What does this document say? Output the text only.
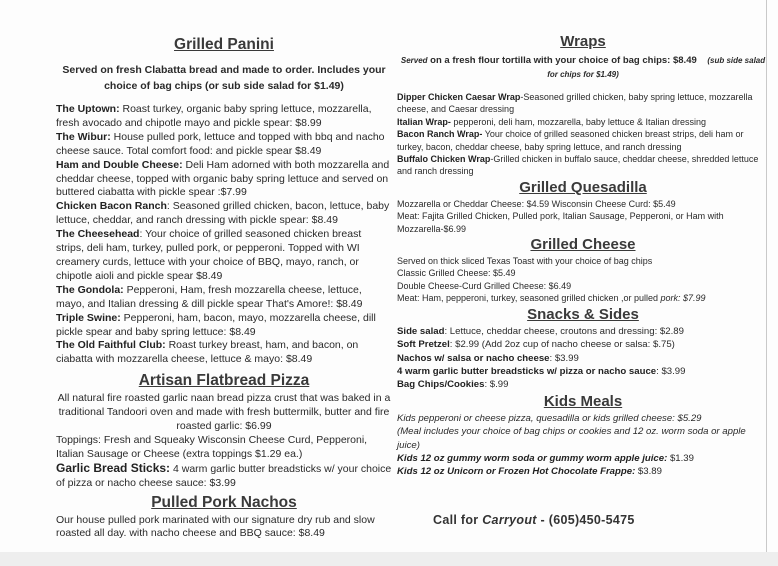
Grilled Panini
Served on fresh Clabatta bread and made to order. Includes your choice of bag chips (or sub side salad for $1.49)
The Uptown: Roast turkey, organic baby spring lettuce, mozzarella, fresh avocado and chipotle mayo and pickle spear: $8.99
The Wibur: House pulled pork, lettuce and topped with bbq and nacho cheese sauce. Total comfort food: and pickle spear $8.49
Ham and Double Cheese: Deli Ham adorned with both mozzarella and cheddar cheese, topped with organic baby spring lettuce and served on buttered ciabatta with pickle spear :$7.99
Chicken Bacon Ranch: Seasoned grilled chicken, bacon, lettuce, baby lettuce, cheddar, and ranch dressing with pickle spear: $8.49
The Cheesehead: Your choice of grilled seasoned chicken breast strips, deli ham, turkey, pulled pork, or pepperoni. Topped with WI creamery curds, lettuce with your choice of BBQ, mayo, ranch, or chipotle aioli and pickle spear $8.49
The Gondola: Pepperoni, Ham, fresh mozzarella cheese, lettuce, mayo, and Italian dressing & dill pickle spear That's Amore!: $8.49
Triple Swine: Pepperoni, ham, bacon, mayo, mozzarella cheese, dill pickle spear and baby spring lettuce: $8.49
The Old Faithful Club: Roast turkey breast, ham, and bacon, on ciabatta with mozzarella cheese, lettuce & mayo: $8.49
Artisan Flatbread Pizza
All natural fire roasted garlic naan bread pizza crust that was baked in a traditional Tandoori oven and made with fresh buttermilk, butter and fire roasted garlic: $6.99
Toppings: Fresh and Squeaky Wisconsin Cheese Curd, Pepperoni, Italian Sausage or Cheese (extra toppings $1.29 ea.)
Garlic Bread Sticks: 4 warm garlic butter breadsticks w/ your choice of pizza or nacho cheese sauce: $3.99
Pulled Pork Nachos
Our house pulled pork marinated with our signature dry rub and slow roasted all day. with nacho cheese and BBQ sauce: $8.49
Wraps
Served on a fresh flour tortilla with your choice of bag chips: $8.49 (sub side salad for chips for $1.49)
Dipper Chicken Caesar Wrap-Seasoned grilled chicken, baby spring lettuce, mozzarella cheese, and Caesar dressing
Italian Wrap- pepperoni, deli ham, mozzarella, baby lettuce & Italian dressing
Bacon Ranch Wrap- Your choice of grilled seasoned chicken breast strips, deli ham or turkey, bacon, cheddar cheese, baby spring lettuce, and ranch dressing
Buffalo Chicken Wrap-Grilled chicken in buffalo sauce, cheddar cheese, shredded lettuce and ranch dressing
Grilled Quesadilla
Mozzarella or Cheddar Cheese: $4.59 Wisconsin Cheese Curd: $5.49
Meat: Fajita Grilled Chicken, Pulled pork, Italian Sausage, Pepperoni, or Ham with Mozzarella-$6.99
Grilled Cheese
Served on thick sliced Texas Toast with your choice of bag chips
Classic Grilled Cheese: $5.49
Double Cheese-Curd Grilled Cheese: $6.49
Meat: Ham, pepperoni, turkey, seasoned grilled chicken ,or pulled pork: $7.99
Snacks & Sides
Side salad: Lettuce, cheddar cheese, croutons and dressing: $2.89
Soft Pretzel: $2.99 (Add 2oz cup of nacho cheese or salsa: $.75)
Nachos w/ salsa or nacho cheese: $3.99
4 warm garlic butter breadsticks w/ pizza or nacho sauce: $3.99
Bag Chips/Cookies: $.99
Kids Meals
Kids pepperoni or cheese pizza, quesadilla or kids grilled cheese: $5.29
(Meal includes your choice of bag chips or cookies and 12 oz. worm soda or apple juice)
Kids 12 oz gummy worm soda or gummy worm apple juice: $1.39
Kids 12 oz Unicorn or Frozen Hot Chocolate Frappe: $3.89
Call for Carryout - (605)450-5475
